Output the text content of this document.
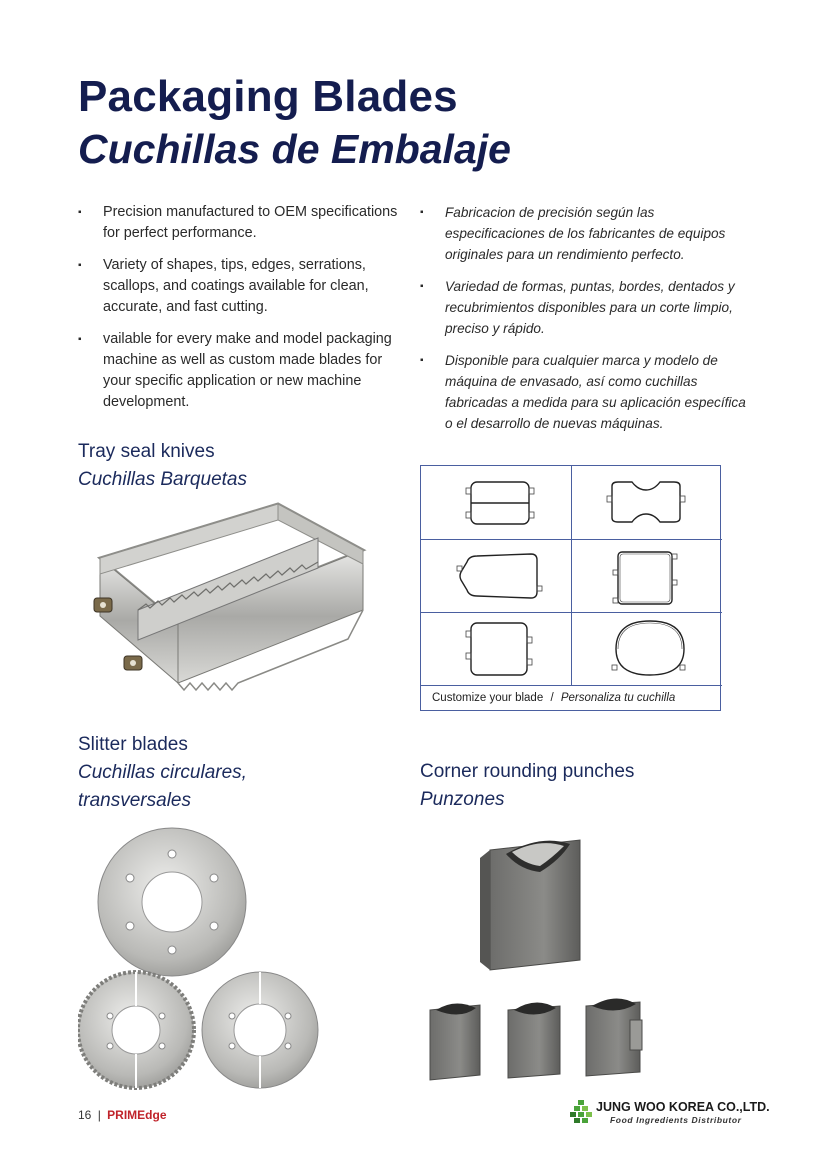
Packaging Blades
Cuchillas de Embalaje
▪ Precision manufactured to OEM specifications for perfect performance.
▪ Variety of shapes, tips, edges, serrations, scallops, and coatings available for clean, accurate, and fast cutting.
▪ vailable for every make and model packaging machine as well as custom made blades for your specific application or new machine development.
▪ Fabricacion de precisión según las especificaciones de los fabricantes de equipos originales para un rendimiento perfecto.
▪ Variedad de formas, puntas, bordes, dentados y recubrimientos disponibles para un corte limpio, preciso y rápido.
▪ Disponible para cualquier marca y modelo de máquina de envasado, así como cuchillas fabricadas a medida para su aplicación específica o el desarrollo de nuevas máquinas.

Tray seal knives

Cuchillas Barquetas

Customize your blade / Personaliza tu cuchilla

Slitter blades

Cuchillas circulares,

transversales

Corner rounding punches

Punzones

16 | PRIMEdge
JUNG WOO KOREA CO.,LTD.
Food Ingredients Distributor
